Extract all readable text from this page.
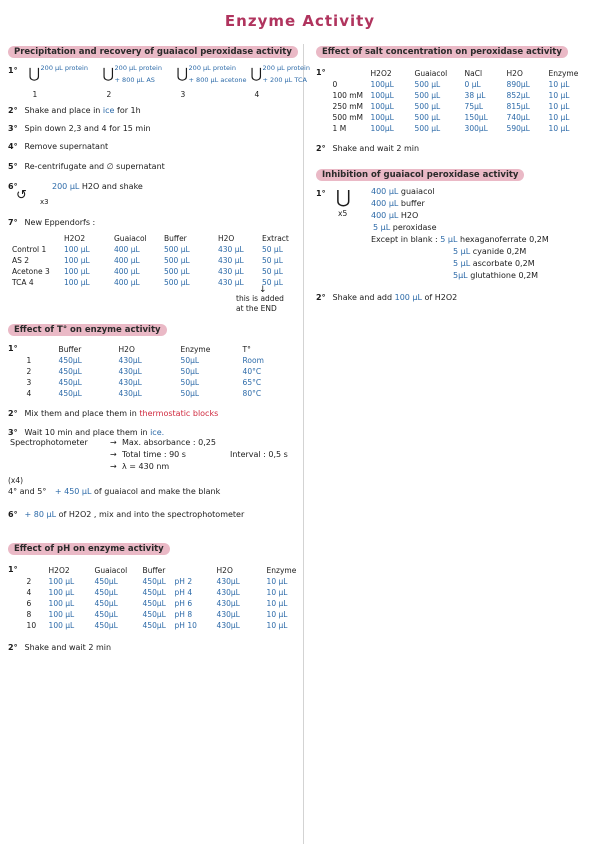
Enzyme Activity
Precipitation and recovery of guaiacol peroxidase activity
1° ⋃ 200 µL protein
1
⋃ 200 µL protein
+ 800 µL AS
2
⋃ 200 µL protein
+ 800 µL acetone
3
⋃ 200 µL protein
+ 200 µL TCA
4
2° Shake and place in ice for 1h
3° Spin down 2,3 and 4 for 15 min
4° Remove supernatant
5° Re-centrifugate and ∅ supernatant
6°
↺
200 µL H2O and shake
x3
7° New Eppendorfs :
	H2O2	Guaiacol	Buffer	H2O	Extract
Control 1	100 µL	400 µL	500 µL	430 µL	50 µL
AS 2	100 µL	400 µL	500 µL	430 µL	50 µL
Acetone 3	100 µL	400 µL	500 µL	430 µL	50 µL
TCA 4	100 µL	400 µL	500 µL	430 µL	50 µL
↓
this is added
at the END
Effect of T° on enzyme activity
1°		Buffer	H2O	Enzyme	T°
1	450µL	430µL	50µL	Room
2	450µL	430µL	50µL	40°C
3	450µL	430µL	50µL	65°C
4	450µL	430µL	50µL	80°C
2° Mix them and place them in thermostatic blocks
3° Wait 10 min and place them in ice.
Spectrophotometer	→ Max. absorbance : 0,25
→ Total time : 90 s	Interval : 0,5 s
→ λ = 430 nm
(x4)
4° and 5° + 450 µL of guaiacol and make the blank
6° + 80 µL of H2O2 , mix and into the spectrophotometer
Effect of pH on enzyme activity
1°		H2O2	Guaiacol	Buffer		H2O	Enzyme
2	100 µL	450µL	450µL	pH 2	430µL	10 µL
4	100 µL	450µL	450µL	pH 4	430µL	10 µL
6	100 µL	450µL	450µL	pH 6	430µL	10 µL
8	100 µL	450µL	450µL	pH 8	430µL	10 µL
10	100 µL	450µL	450µL	pH 10	430µL	10 µL
2° Shake and wait 2 min
Effect of salt concentration on peroxidase activity
1°		H2O2	Guaiacol	NaCl	H2O	Enzyme
0	100µL	500 µL	0 µL	890µL	10 µL
100 mM	100µL	500 µL	38 µL	852µL	10 µL
250 mM	100µL	500 µL	75µL	815µL	10 µL
500 mM	100µL	500 µL	150µL	740µL	10 µL
1 M	100µL	500 µL	300µL	590µL	10 µL
2° Shake and wait 2 min
Inhibition of guaiacol peroxidase activity
1° ⋃
x5
400 µL guaiacol
400 µL buffer
400 µL H2O
5 µL peroxidase
Except in blank : 5 µL hexaganoferrate 0,2M
5 µL cyanide 0,2M
5 µL ascorbate 0,2M
5µL glutathione 0,2M
2° Shake and add 100 µL of H2O2
